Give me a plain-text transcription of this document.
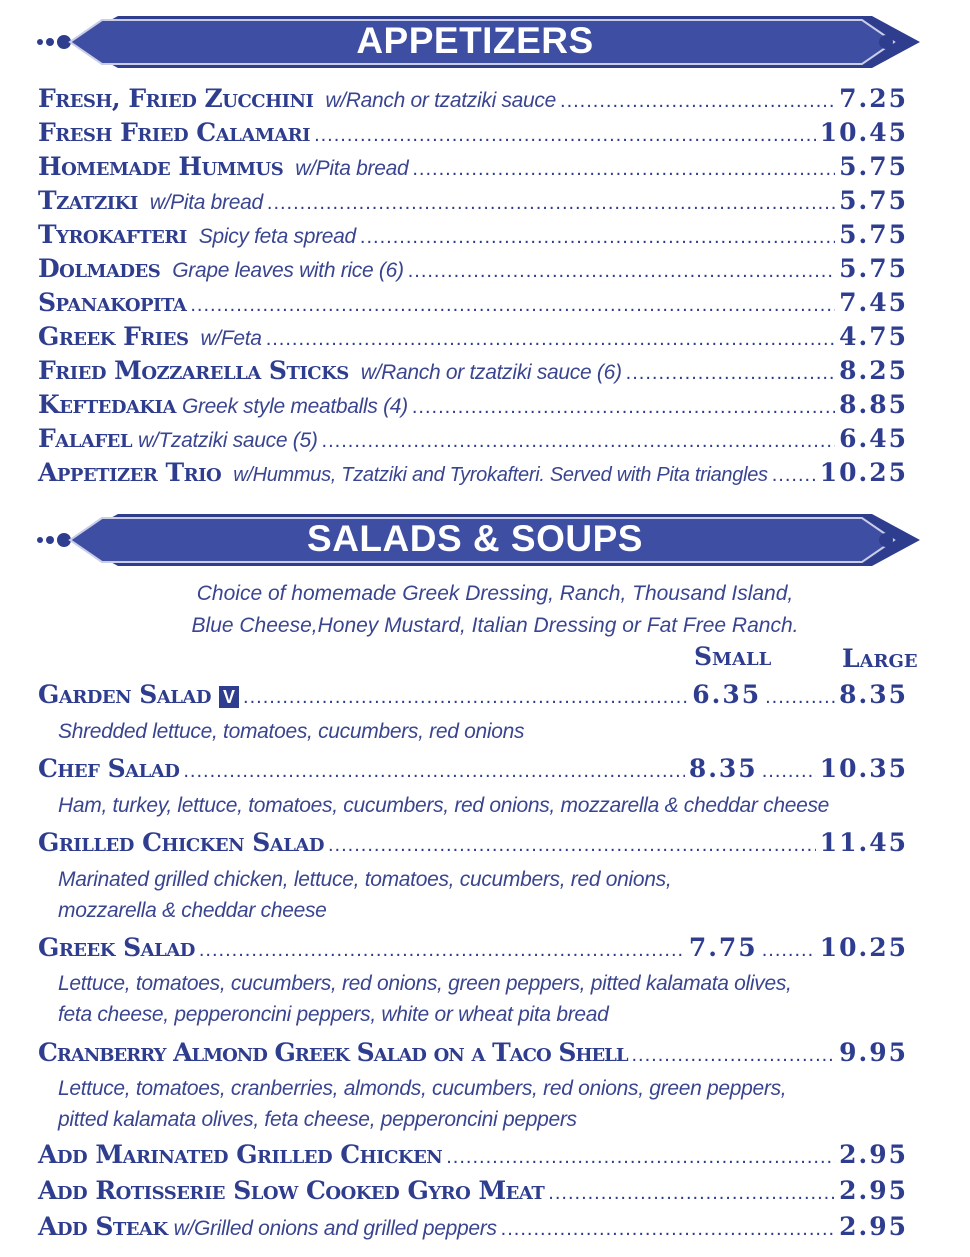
APPETIZERS
Fresh, Fried Zucchini w/Ranch or tzatziki sauce .....	7.25
Fresh Fried Calamari .....	10.45
Homemade Hummus w/Pita bread .....	5.75
Tzatziki w/Pita bread .....	5.75
Tyrokafteri Spicy feta spread .....	5.75
Dolmades Grape leaves with rice (6) .....	5.75
Spanakopita .....	7.45
Greek Fries w/Feta .....	4.75
Fried Mozzarella Sticks w/Ranch or tzatziki sauce (6) .....	8.25
Keftedakia Greek style meatballs (4) .....	8.85
Falafel w/Tzatziki sauce (5) .....	6.45
Appetizer Trio w/Hummus, Tzatziki and Tyrokafteri. Served with Pita triangles ..... 10.25
SALADS & SOUPS
Choice of homemade Greek Dressing, Ranch, Thousand Island,
Blue Cheese,Honey Mustard, Italian Dressing or Fat Free Ranch.
Small	Large
Garden Salad V .....	6.35 .....	8.35
Shredded lettuce, tomatoes, cucumbers, red onions
Chef Salad .....	8.35 ..... 10.35
Ham, turkey, lettuce, tomatoes, cucumbers, red onions, mozzarella & cheddar cheese
Grilled Chicken Salad .....	11.45
Marinated grilled chicken, lettuce, tomatoes, cucumbers, red onions,
mozzarella & cheddar cheese
Greek Salad .....	7.75 ..... 10.25
Lettuce, tomatoes, cucumbers, red onions, green peppers, pitted kalamata olives,
feta cheese, pepperoncini peppers, white or wheat pita bread
Cranberry Almond Greek Salad on a Taco Shell .....	9.95
Lettuce, tomatoes, cranberries, almonds, cucumbers, red onions, green peppers,
pitted kalamata olives, feta cheese, pepperoncini peppers
Add Marinated Grilled Chicken .....	2.95
Add Rotisserie Slow Cooked Gyro Meat .....	2.95
Add Steak w/Grilled onions and grilled peppers .....	2.95
